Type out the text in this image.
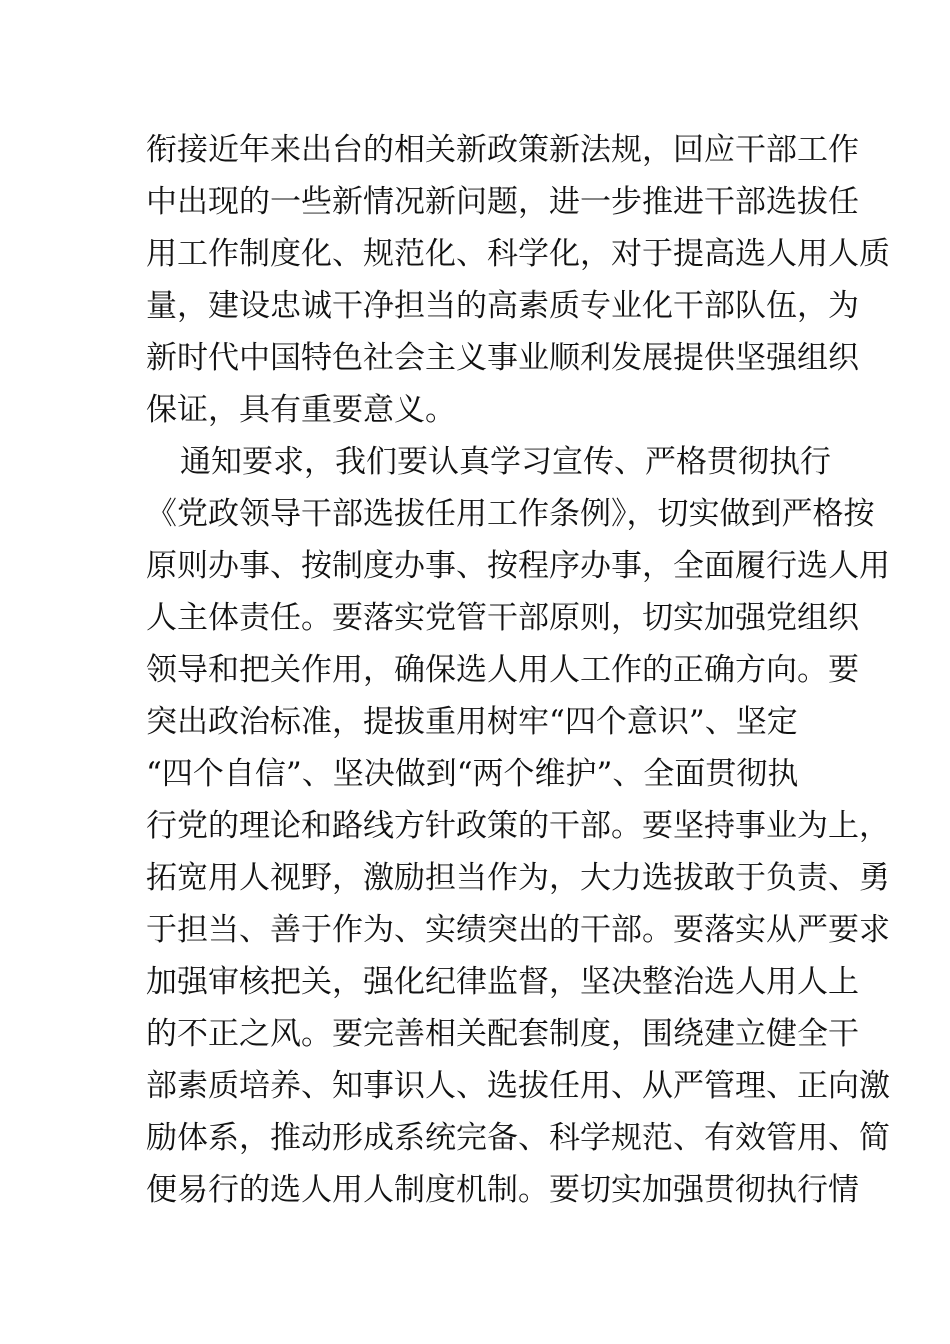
衔接近年来出台的相关新政策新法规，回应干部工作
中出现的一些新情况新问题，进一步推进干部选拔任
用工作制度化、规范化、科学化，对于提高选人用人质
量，建设忠诚干净担当的高素质专业化干部队伍，为
新时代中国特色社会主义事业顺利发展提供坚强组织
保证，具有重要意义。
通知要求，我们要认真学习宣传、严格贯彻执行
《党政领导干部选拔任用工作条例》，切实做到严格按
原则办事、按制度办事、按程序办事，全面履行选人用
人主体责任。要落实党管干部原则，切实加强党组织
领导和把关作用，确保选人用人工作的正确方向。要
突出政治标准，提拔重用树牢“四个意识”、坚定
“四个自信”、坚决做到“两个维护”、全面贯彻执
行党的理论和路线方针政策的干部。要坚持事业为上，
拓宽用人视野，激励担当作为，大力选拔敢于负责、勇
于担当、善于作为、实绩突出的干部。要落实从严要求
加强审核把关，强化纪律监督，坚决整治选人用人上
的不正之风。要完善相关配套制度，围绕建立健全干
部素质培养、知事识人、选拔任用、从严管理、正向激
励体系，推动形成系统完备、科学规范、有效管用、简
便易行的选人用人制度机制。要切实加强贯彻执行情
